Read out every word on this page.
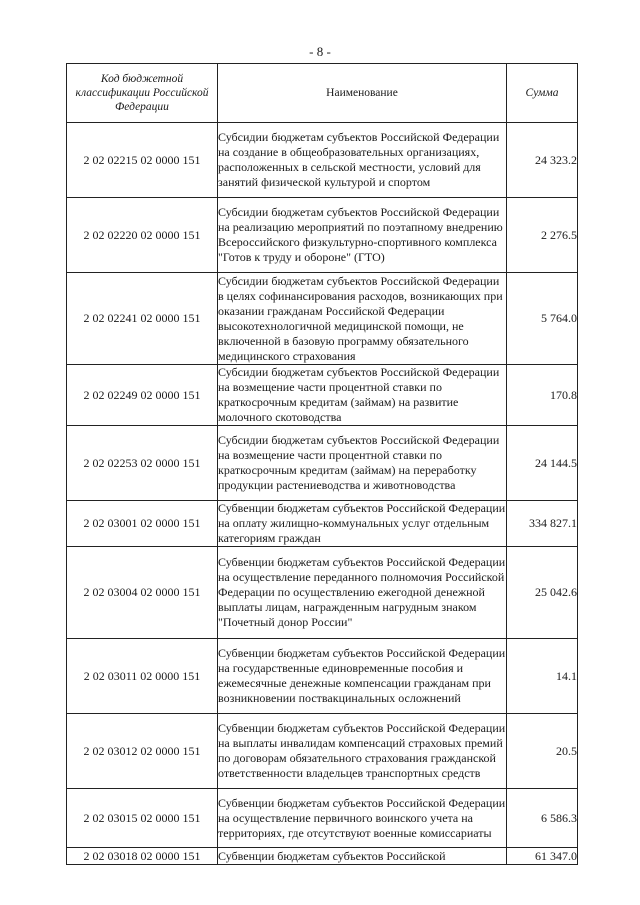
- 8 -
Код бюджетной классификации Российской Федерации	Наименование	Сумма
2 02 02215 02 0000 151	Субсидии бюджетам субъектов Российской Федерации на создание в общеобразовательных организациях, расположенных в сельской местности, условий для занятий физической культурой и спортом	24 323.2
2 02 02220 02 0000 151	Субсидии бюджетам субъектов Российской Федерации на реализацию мероприятий по поэтапному внедрению Всероссийского физкультурно-спортивного комплекса "Готов к труду и обороне" (ГТО)	2 276.5
2 02 02241 02 0000 151	Субсидии бюджетам субъектов Российской Федерации в целях софинансирования расходов, возникающих при оказании гражданам Российской Федерации высокотехнологичной медицинской помощи, не включенной в базовую программу обязательного медицинского страхования	5 764.0
2 02 02249 02 0000 151	Субсидии бюджетам субъектов Российской Федерации на возмещение части процентной ставки по краткосрочным кредитам (займам) на развитие молочного скотоводства	170.8
2 02 02253 02 0000 151	Субсидии бюджетам субъектов Российской Федерации на возмещение части процентной ставки по краткосрочным кредитам (займам) на переработку продукции растениеводства и животноводства	24 144.5
2 02 03001 02 0000 151	Субвенции бюджетам субъектов Российской Федерации на оплату жилищно-коммунальных услуг отдельным категориям граждан	334 827.1
2 02 03004 02 0000 151	Субвенции бюджетам субъектов Российской Федерации на осуществление переданного полномочия Российской Федерации по осуществлению ежегодной денежной выплаты лицам, награжденным нагрудным знаком "Почетный донор России"	25 042.6
2 02 03011 02 0000 151	Субвенции бюджетам субъектов Российской Федерации на государственные единовременные пособия и ежемесячные денежные компенсации гражданам при возникновении поствакцинальных осложнений	14.1
2 02 03012 02 0000 151	Субвенции бюджетам субъектов Российской Федерации на выплаты инвалидам компенсаций страховых премий по договорам обязательного страхования гражданской ответственности владельцев транспортных средств	20.5
2 02 03015 02 0000 151	Субвенции бюджетам субъектов Российской Федерации на осуществление первичного воинского учета на территориях, где отсутствуют военные комиссариаты	6 586.3
2 02 03018 02 0000 151	Субвенции бюджетам субъектов Российской	61 347.0
